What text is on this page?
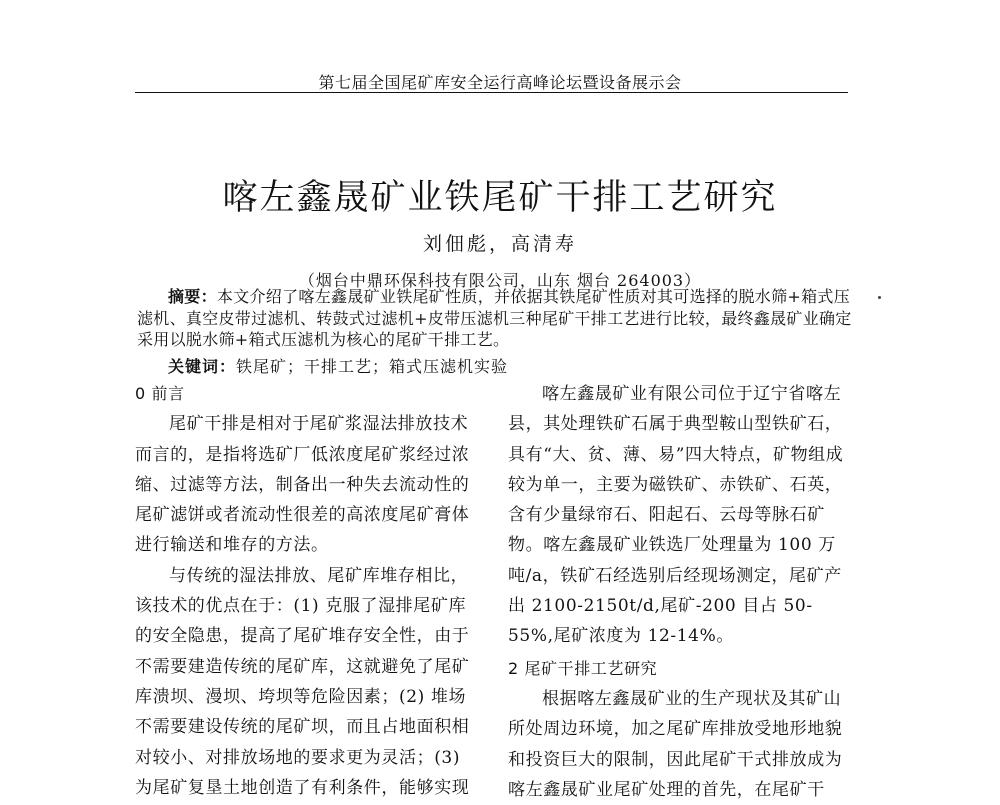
第七届全国尾矿库安全运行高峰论坛暨设备展示会
喀左鑫晟矿业铁尾矿干排工艺研究
刘佃彪，高清寿
（烟台中鼎环保科技有限公司，山东 烟台 264003）
摘要：本文介绍了喀左鑫晟矿业铁尾矿性质，并依据其铁尾矿性质对其可选择的脱水筛+箱式压滤机、真空皮带过滤机、转鼓式过滤机+皮带压滤机三种尾矿干排工艺进行比较，最终鑫晟矿业确定采用以脱水筛+箱式压滤机为核心的尾矿干排工艺。
关键词：铁尾矿；干排工艺；箱式压滤机实验

0 前言

尾矿干排是相对于尾矿浆湿法排放技术而言的，是指将选矿厂低浓度尾矿浆经过浓缩、过滤等方法，制备出一种失去流动性的尾矿滤饼或者流动性很差的高浓度尾矿膏体进行输送和堆存的方法。

与传统的湿法排放、尾矿库堆存相比，该技术的优点在于：(1) 克服了湿排尾矿库的安全隐患，提高了尾矿堆存安全性，由于不需要建造传统的尾矿库，这就避免了尾矿库溃坝、漫坝、垮坝等危险因素；(2) 堆场不需要建设传统的尾矿坝，而且占地面积相对较小、对排放场地的要求更为灵活；(3) 为尾矿复垦土地创造了有利条件，能够实现

喀左鑫晟矿业有限公司位于辽宁省喀左县，其处理铁矿石属于典型鞍山型铁矿石，具有“大、贫、薄、易”四大特点，矿物组成较为单一，主要为磁铁矿、赤铁矿、石英，含有少量绿帘石、阳起石、云母等脉石矿物。喀左鑫晟矿业铁选厂处理量为 100 万吨/a，铁矿石经选别后经现场测定，尾矿产出 2100-2150t/d,尾矿-200 目占 50-55%,尾矿浓度为 12-14%。

2 尾矿干排工艺研究

根据喀左鑫晟矿业的生产现状及其矿山所处周边环境，加之尾矿库排放受地形地貌和投资巨大的限制，因此尾矿干式排放成为喀左鑫晟矿业尾矿处理的首先，在尾矿干
